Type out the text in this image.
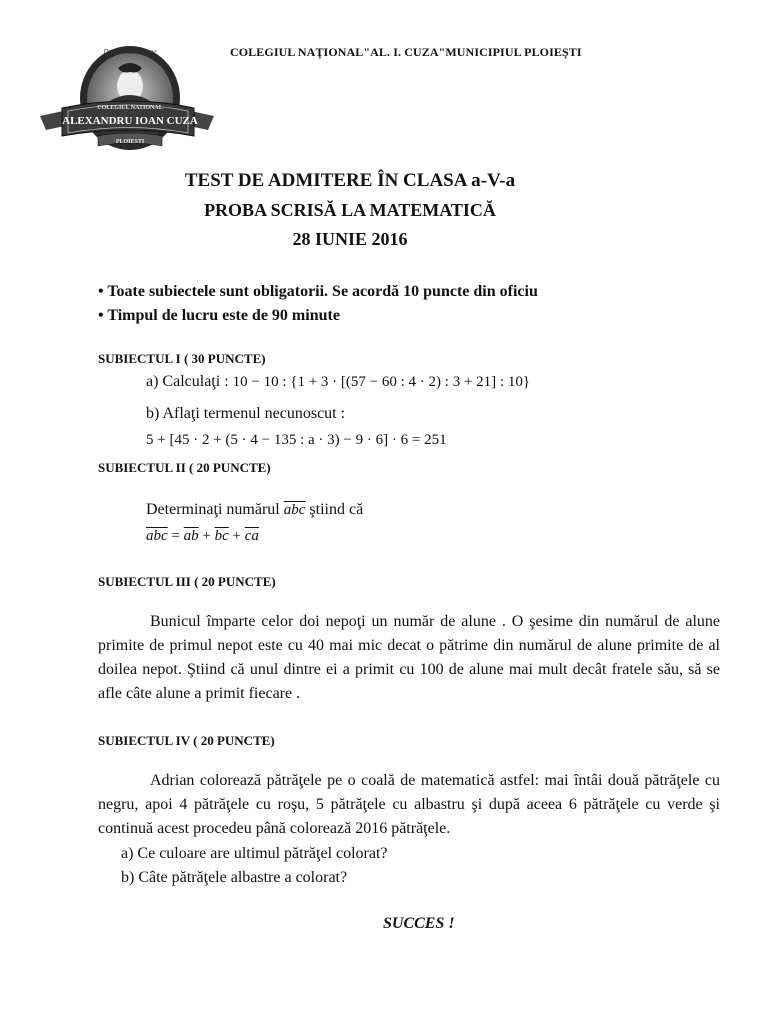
COLEGIUL NAŢIONAL"AL. I. CUZA"MUNICIPIUL PLOIEŞTI
Dulcedo Dirrumpe
COLEGIUL NATIONAL
ALEXANDRU IOAN CUZA
PLOIESTI
TEST DE ADMITERE ÎN CLASA a-V-a
PROBA SCRISĂ LA MATEMATICĂ
28 IUNIE 2016
• Toate subiectele sunt obligatorii. Se acordă 10 puncte din oficiu
• Timpul de lucru este de 90 minute
SUBIECTUL I ( 30 PUNCTE)
a) Calculaţi : 10 − 10 : {1 + 3 · [(57 − 60 : 4 · 2) : 3 + 21] : 10}
b) Aflaţi termenul necunoscut :
5 + [45 · 2 + (5 · 4 − 135 : a · 3) − 9 · 6] · 6 = 251
SUBIECTUL II ( 20 PUNCTE)
Determinaţi numărul $\overline{abc}$ ştiind că
$\overline{abc} = \overline{ab} + \overline{bc} + \overline{ca}$
SUBIECTUL III ( 20 PUNCTE)
Bunicul împarte celor doi nepoţi un număr de alune . O şesime din numărul de alune primite de primul nepot este cu 40 mai mic decat o pătrime din numărul de alune primite de al doilea nepot. Ştiind că unul dintre ei a primit cu 100 de alune mai mult decât fratele său, să se afle câte alune a primit fiecare .
SUBIECTUL IV ( 20 PUNCTE)
Adrian colorează pătrăţele pe o coală de matematică astfel: mai întâi două pătrăţele cu negru, apoi 4 pătrăţele cu roşu, 5 pătrăţele cu albastru şi după aceea 6 pătrăţele cu verde şi continuă acest procedeu până colorează 2016 pătrăţele.
a) Ce culoare are ultimul pătrăţel colorat?
b) Câte pătrăţele albastre a colorat?
SUCCES !
